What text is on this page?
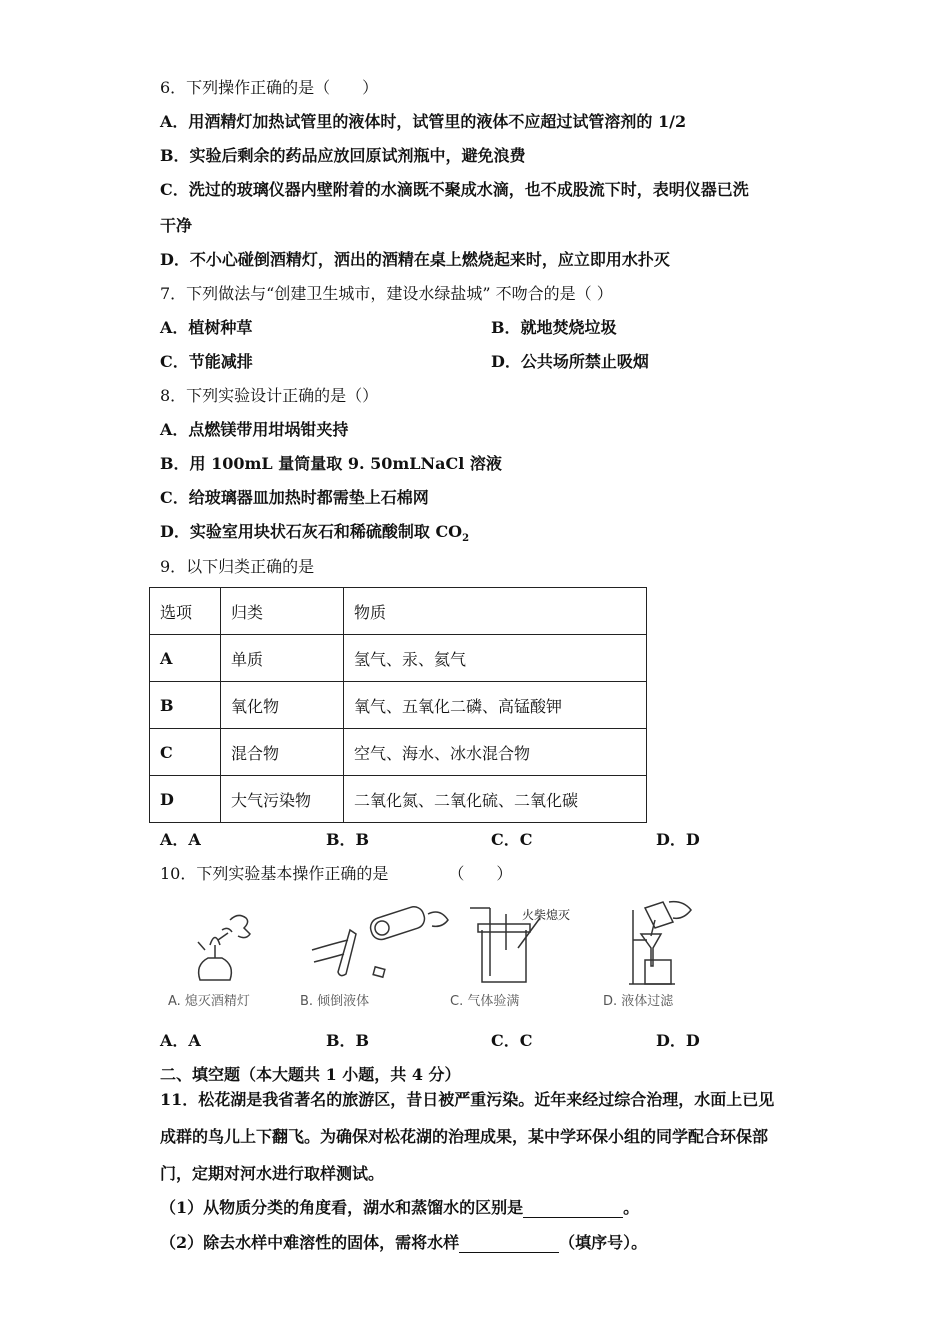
6．下列操作正确的是（　　）
A．用酒精灯加热试管里的液体时，试管里的液体不应超过试管溶剂的 1/2
B．实验后剩余的药品应放回原试剂瓶中，避免浪费
C．洗过的玻璃仪器内壁附着的水滴既不聚成水滴，也不成股流下时，表明仪器已洗
干净
D．不小心碰倒酒精灯，洒出的酒精在桌上燃烧起来时，应立即用水扑灭
7．下列做法与“创建卫生城市，建设水绿盐城” 不吻合的是（ ）
A．植树种草	B．就地焚烧垃圾
C．节能减排	D．公共场所禁止吸烟
8．下列实验设计正确的是（）
A．点燃镁带用坩埚钳夹持
B．用 100mL 量筒量取 9. 50mLNaCl 溶液
C．给玻璃器皿加热时都需垫上石棉网
D．实验室用块状石灰石和稀硫酸制取 $CO_2$
9．以下归类正确的是
选项	归类	物质
A	单质	氢气、汞、氦气
B	氧化物	氧气、五氧化二磷、高锰酸钾
C	混合物	空气、海水、冰水混合物
D	大气污染物	二氧化氮、二氧化硫、二氧化碳
A．A	B．B	C．C	D．D
10．下列实验基本操作正确的是	（　　）
A. 熄灭酒精灯	B. 倾倒液体
火柴熄灭
C. 气体验满	D. 液体过滤
A．A	B．B	C．C	D．D
二、填空题（本大题共 1 小题，共 4 分）
11．松花湖是我省著名的旅游区，昔日被严重污染。近年来经过综合治理，水面上已见
成群的鸟儿上下翻飞。为确保对松花湖的治理成果，某中学环保小组的同学配合环保部
门，定期对河水进行取样测试。
（1）从物质分类的角度看，湖水和蒸馏水的区别是	。
（2）除去水样中难溶性的固体，需将水样	（填序号）。
